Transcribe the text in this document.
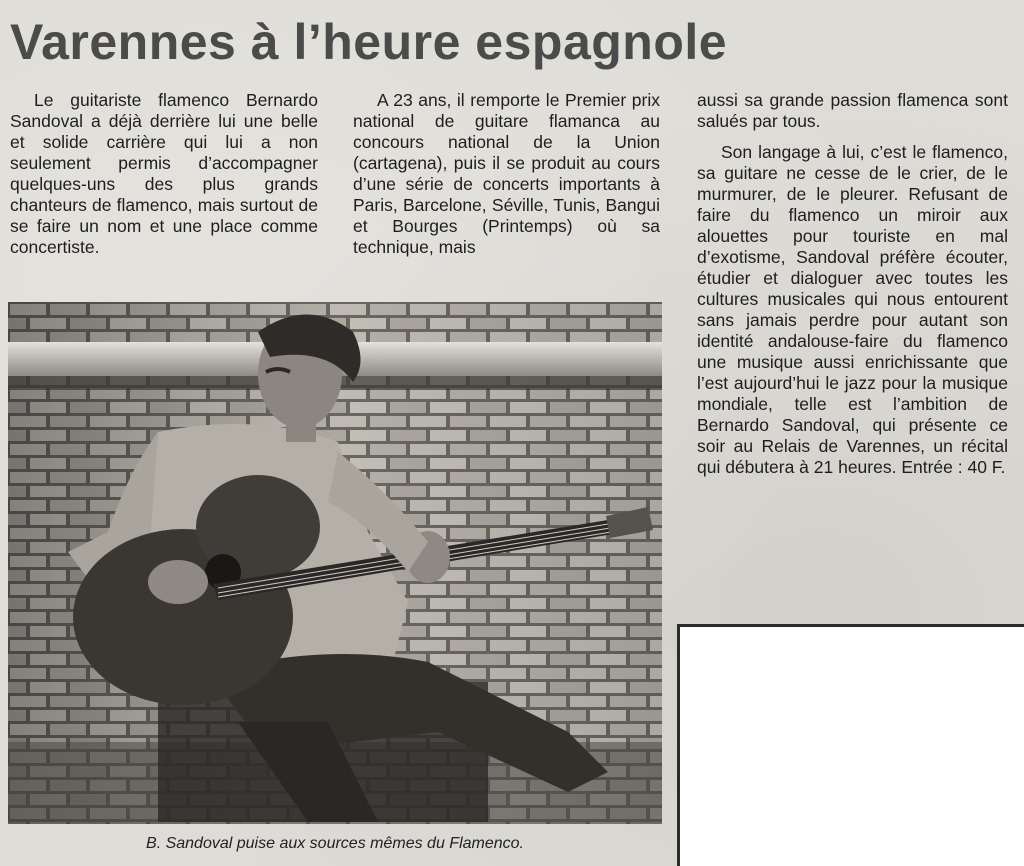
Varennes à l’heure espagnole

Le guitariste flamenco Bernardo Sandoval a déjà derrière lui une belle et solide carrière qui lui a non seulement permis d’accompagner quelques-uns des plus grands chanteurs de flamenco, mais surtout de se faire un nom et une place comme concertiste.

A 23 ans, il remporte le Premier prix national de guitare flamanca au concours national de la Union (cartagena), puis il se produit au cours d’une série de concerts importants à Paris, Barcelone, Séville, Tunis, Bangui et Bourges (Printemps) où sa technique, mais

aussi sa grande passion flamenca sont salués par tous.

Son langage à lui, c’est le flamenco, sa guitare ne cesse de le crier, de le murmurer, de le pleurer. Refusant de faire du flamenco un miroir aux alouettes pour touriste en mal d’exotisme, Sandoval préfère écouter, étudier et dialoguer avec toutes les cultures musicales qui nous entourent sans jamais perdre pour autant son identité andalouse-faire du flamenco une musique aussi enrichissante que l’est aujourd’hui le jazz pour la musique mondiale, telle est l’ambition de Bernardo Sandoval, qui présente ce soir au Relais de Varennes, un récital qui débutera à 21 heures. Entrée : 40 F.

B. Sandoval puise aux sources mêmes du Flamenco.
